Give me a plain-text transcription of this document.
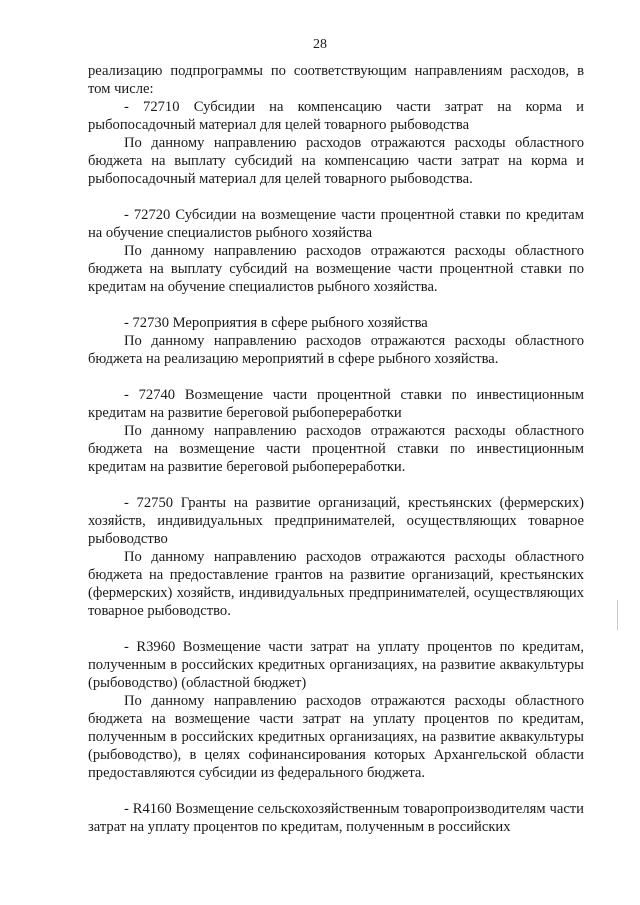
28

реализацию подпрограммы по соответствующим направлениям расходов, в том числе:

- 72710 Субсидии на компенсацию части затрат на корма и рыбопосадочный материал для целей товарного рыбоводства

По данному направлению расходов отражаются расходы областного бюджета на выплату субсидий на компенсацию части затрат на корма и рыбопосадочный материал для целей товарного рыбоводства.

- 72720 Субсидии на возмещение части процентной ставки по кредитам на обучение специалистов рыбного хозяйства

По данному направлению расходов отражаются расходы областного бюджета на выплату субсидий на возмещение части процентной ставки по кредитам на обучение специалистов рыбного хозяйства.

- 72730 Мероприятия в сфере рыбного хозяйства

По данному направлению расходов отражаются расходы областного бюджета на реализацию мероприятий в сфере рыбного хозяйства.

- 72740 Возмещение части процентной ставки по инвестиционным кредитам на развитие береговой рыбопереработки

По данному направлению расходов отражаются расходы областного бюджета на возмещение части процентной ставки по инвестиционным кредитам на развитие береговой рыбопереработки.

- 72750 Гранты на развитие организаций, крестьянских (фермерских) хозяйств, индивидуальных предпринимателей, осуществляющих товарное рыбоводство

По данному направлению расходов отражаются расходы областного бюджета на предоставление грантов на развитие организаций, крестьянских (фермерских) хозяйств, индивидуальных предпринимателей, осуществляющих товарное рыбоводство.

- R3960 Возмещение части затрат на уплату процентов по кредитам, полученным в российских кредитных организациях, на развитие аквакультуры (рыбоводство) (областной бюджет)

По данному направлению расходов отражаются расходы областного бюджета на возмещение части затрат на уплату процентов по кредитам, полученным в российских кредитных организациях, на развитие аквакультуры (рыбоводство), в целях софинансирования которых Архангельской области предоставляются субсидии из федерального бюджета.

- R4160 Возмещение сельскохозяйственным товаропроизводителям части затрат на уплату процентов по кредитам, полученным в российских
